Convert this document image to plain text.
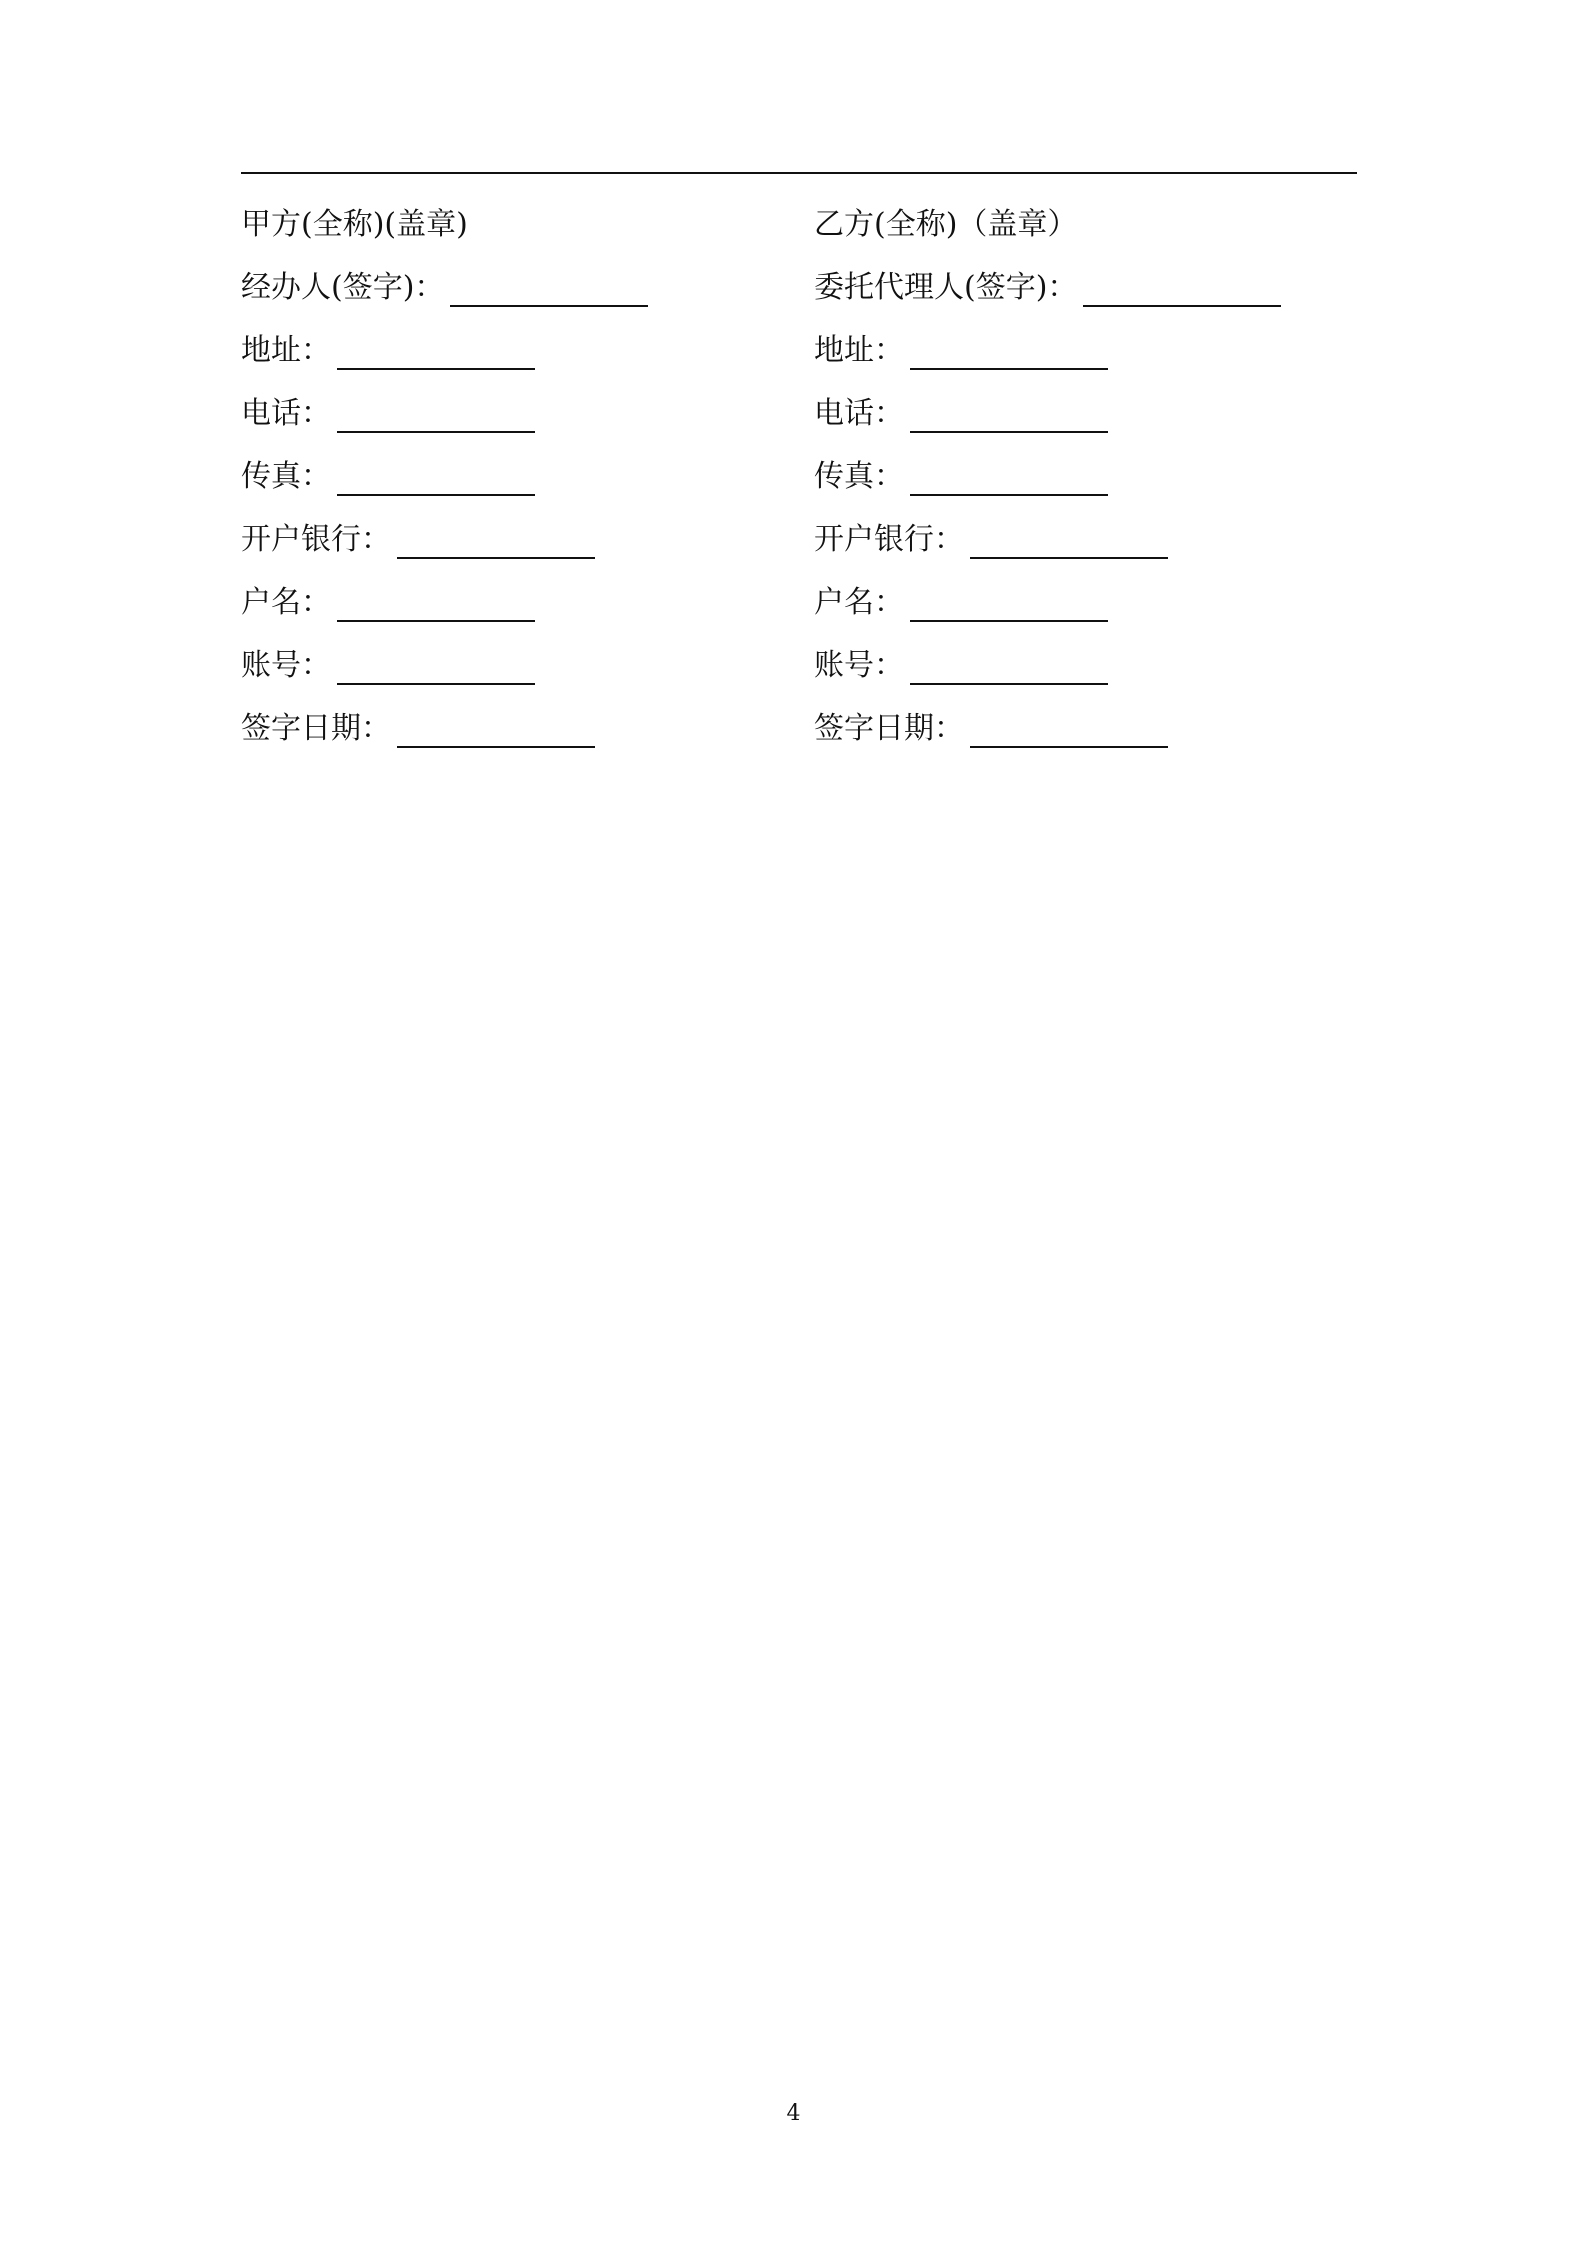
甲方(全称)(盖章)
经办人(签字)：
地址：
电话：
传真：
开户银行：
户名：
账号：
签字日期：
乙方(全称)（盖章）
委托代理人(签字)：
地址：
电话：
传真：
开户银行：
户名：
账号：
签字日期：
4
